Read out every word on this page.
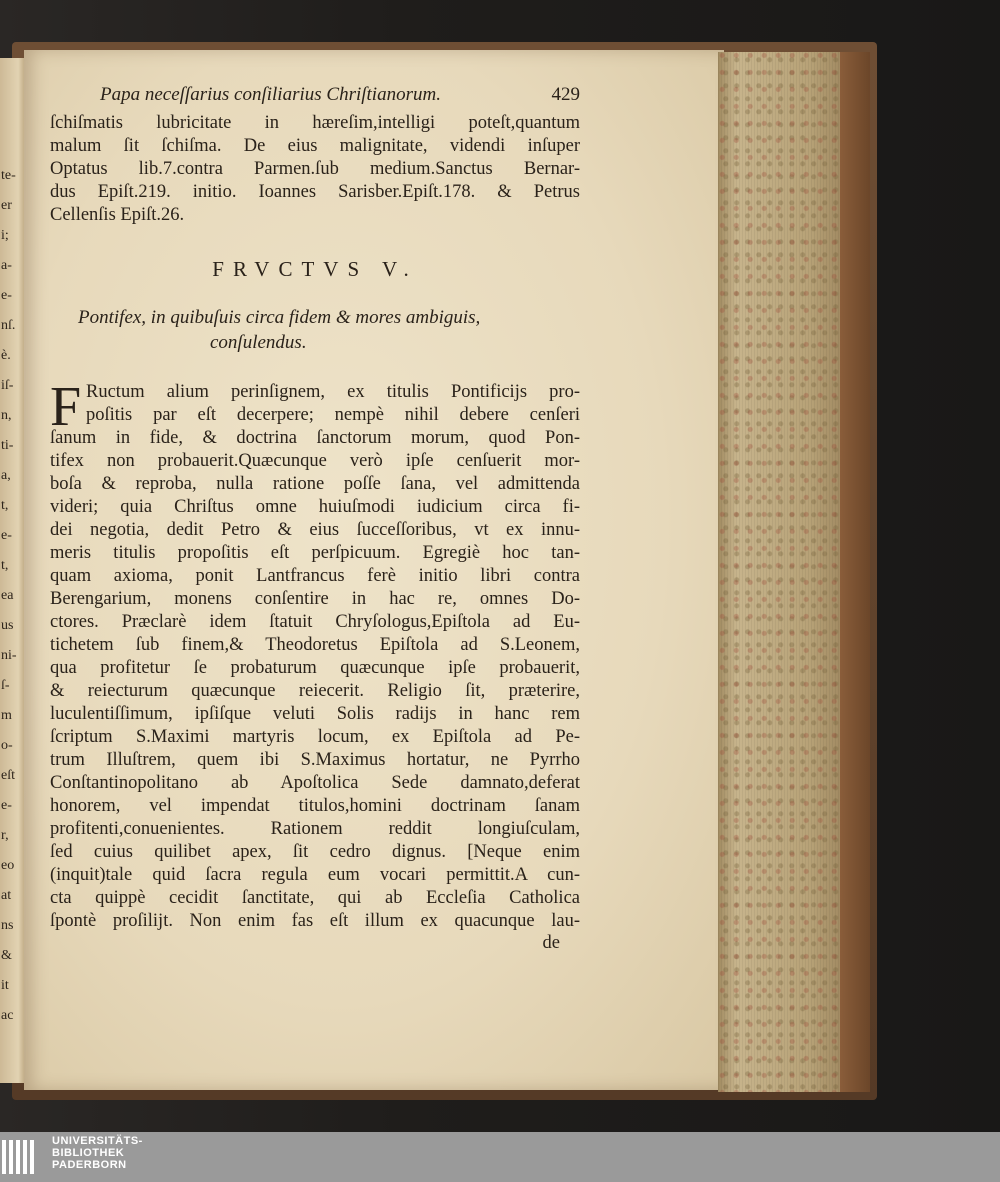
te-
er
i;
a-
e-
nſ.
è.
iſ-
n,
ti-
a,
t,
e-
t,
ea
us
ni-
ſ-
m
o-
eſt
e-
r,
eo
at
ns
&
it
ac
Papa neceſſarius conſiliarius Chriſtianorum.	429
ſchiſmatis lubricitate in hæreſim,intelligi poteſt,quantum
malum ſit ſchiſma. De eius malignitate, videndi inſuper
Optatus lib.7.contra Parmen.ſub medium.Sanctus Bernar-
dus Epiſt.219. initio. Ioannes Sarisber.Epiſt.178. & Petrus
Cellenſis Epiſt.26.
FRVCTVS V.
Pontifex, in quibuſuis circa fidem & mores ambiguis,
conſulendus.
F Ructum alium perinſignem, ex titulis Pontificijs pro-
poſitis par eſt decerpere; nempè nihil debere cenſeri
ſanum in fide, & doctrina ſanctorum morum, quod Pon-
tifex non probauerit.Quæcunque verò ipſe cenſuerit mor-
boſa & reproba, nulla ratione poſſe ſana, vel admittenda
videri; quia Chriſtus omne huiuſmodi iudicium circa fi-
dei negotia, dedit Petro & eius ſucceſſoribus, vt ex innu-
meris titulis propoſitis eſt perſpicuum. Egregiè hoc tan-
quam axioma, ponit Lantfrancus ferè initio libri contra
Berengarium, monens conſentire in hac re, omnes Do-
ctores. Præclarè idem ſtatuit Chryſologus,Epiſtola ad Eu-
tichetem ſub finem,& Theodoretus Epiſtola ad S.Leonem,
qua profitetur ſe probaturum quæcunque ipſe probauerit,
& reiecturum quæcunque reiecerit. Religio ſit, præterire,
luculentiſſimum, ipſiſque veluti Solis radijs in hanc rem
ſcriptum S.Maximi martyris locum, ex Epiſtola ad Pe-
trum Illuſtrem, quem ibi S.Maximus hortatur, ne Pyrrho
Conſtantinopolitano ab Apoſtolica Sede damnato,deferat
honorem, vel impendat titulos,homini doctrinam ſanam
profitenti,conuenientes. Rationem reddit longiuſculam,
ſed cuius quilibet apex, ſit cedro dignus. [Neque enim
(inquit)tale quid ſacra regula eum vocari permittit.A cun-
cta quippè cecidit ſanctitate, qui ab Eccleſia Catholica
ſpontè proſilijt. Non enim fas eſt illum ex quacunque lau-
de
UNIVERSITÄTS-
BIBLIOTHEK
PADERBORN
